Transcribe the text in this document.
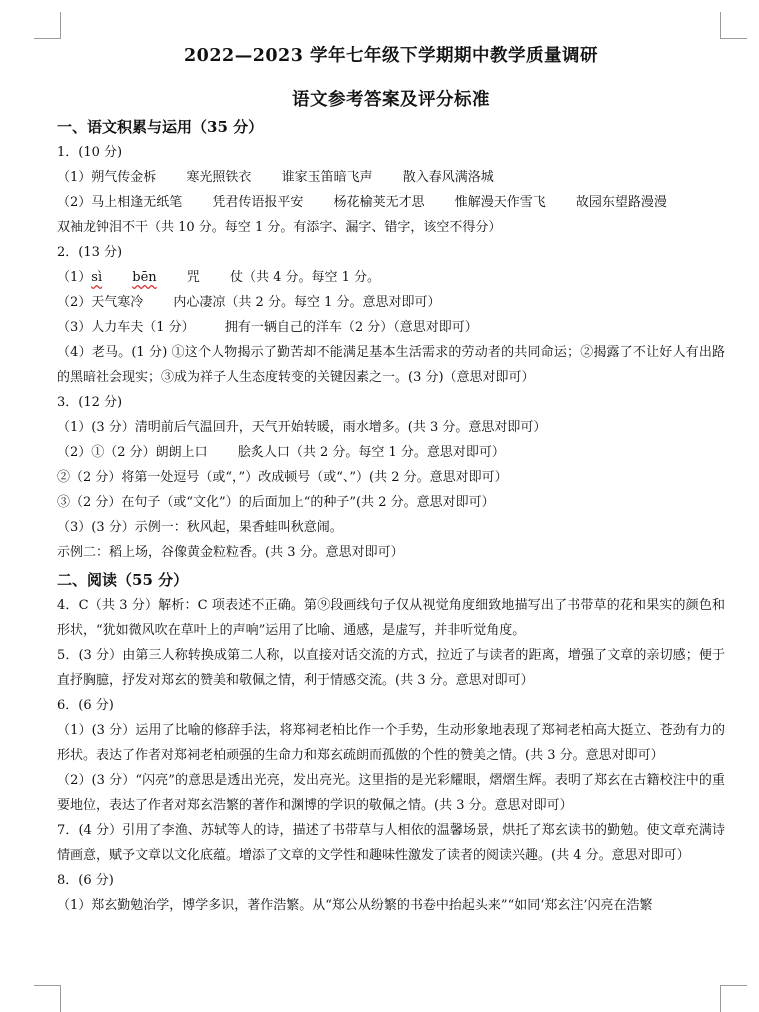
2022—2023 学年七年级下学期期中教学质量调研
语文参考答案及评分标准
一、语文积累与运用（35 分）
1．(10 分)
（1）朔气传金柝 寒光照铁衣 谁家玉笛暗飞声 散入春风满洛城
（2）马上相逢无纸笔 凭君传语报平安 杨花榆荚无才思 惟解漫天作雪飞 故园东望路漫漫
双袖龙钟泪不干（共 10 分。每空 1 分。有添字、漏字、错字，该空不得分）
2．(13 分)
（1）sì bēn 咒 仗（共 4 分。每空 1 分。
（2）天气寒冷 内心凄凉（共 2 分。每空 1 分。意思对即可）
（3）人力车夫（1 分） 拥有一辆自己的洋车（2 分）（意思对即可）
（4）老马。(1 分) ①这个人物揭示了勤苦却不能满足基本生活需求的劳动者的共同命运；②揭露了不让好人有出路的黑暗社会现实；③成为祥子人生态度转变的关键因素之一。(3 分)（意思对即可）
3．(12 分)
（1）(3 分）清明前后气温回升，天气开始转暖，雨水增多。(共 3 分。意思对即可）
（2）①（2 分）朗朗上口 脍炙人口（共 2 分。每空 1 分。意思对即可）
②（2 分）将第一处逗号（或“，”）改成顿号（或“、”）(共 2 分。意思对即可）
③（2 分）在句子（或“文化”）的后面加上“的种子”(共 2 分。意思对即可）
（3）(3 分）示例一：秋风起，果香蛙叫秋意闹。
示例二：稻上场，谷像黄金粒粒香。(共 3 分。意思对即可）
二、阅读（55 分）
4．C（共 3 分）解析：C 项表述不正确。第⑨段画线句子仅从视觉角度细致地描写出了书带草的花和果实的颜色和形状，“犹如微风吹在草叶上的声响”运用了比喻、通感，是虚写，并非听觉角度。
5．(3 分）由第三人称转换成第二人称，以直接对话交流的方式，拉近了与读者的距离，增强了文章的亲切感；便于直抒胸臆，抒发对郑玄的赞美和敬佩之情，利于情感交流。(共 3 分。意思对即可）
6．(6 分)
（1）(3 分）运用了比喻的修辞手法，将郑祠老柏比作一个手势，生动形象地表现了郑祠老柏高大挺立、苍劲有力的形状。表达了作者对郑祠老柏顽强的生命力和郑玄疏朗而孤傲的个性的赞美之情。(共 3 分。意思对即可）
（2）(3 分）“闪亮”的意思是透出光亮，发出亮光。这里指的是光彩耀眼，熠熠生辉。表明了郑玄在古籍校注中的重要地位，表达了作者对郑玄浩繁的著作和渊博的学识的敬佩之情。(共 3 分。意思对即可）
7．(4 分）引用了李渔、苏轼等人的诗，描述了书带草与人相依的温馨场景，烘托了郑玄读书的勤勉。使文章充满诗情画意，赋予文章以文化底蕴。增添了文章的文学性和趣味性激发了读者的阅读兴趣。(共 4 分。意思对即可）
8．(6 分)
（1）郑玄勤勉治学，博学多识，著作浩繁。从“郑公从纷繁的书卷中抬起头来”“如同‘郑玄注’闪亮在浩繁
